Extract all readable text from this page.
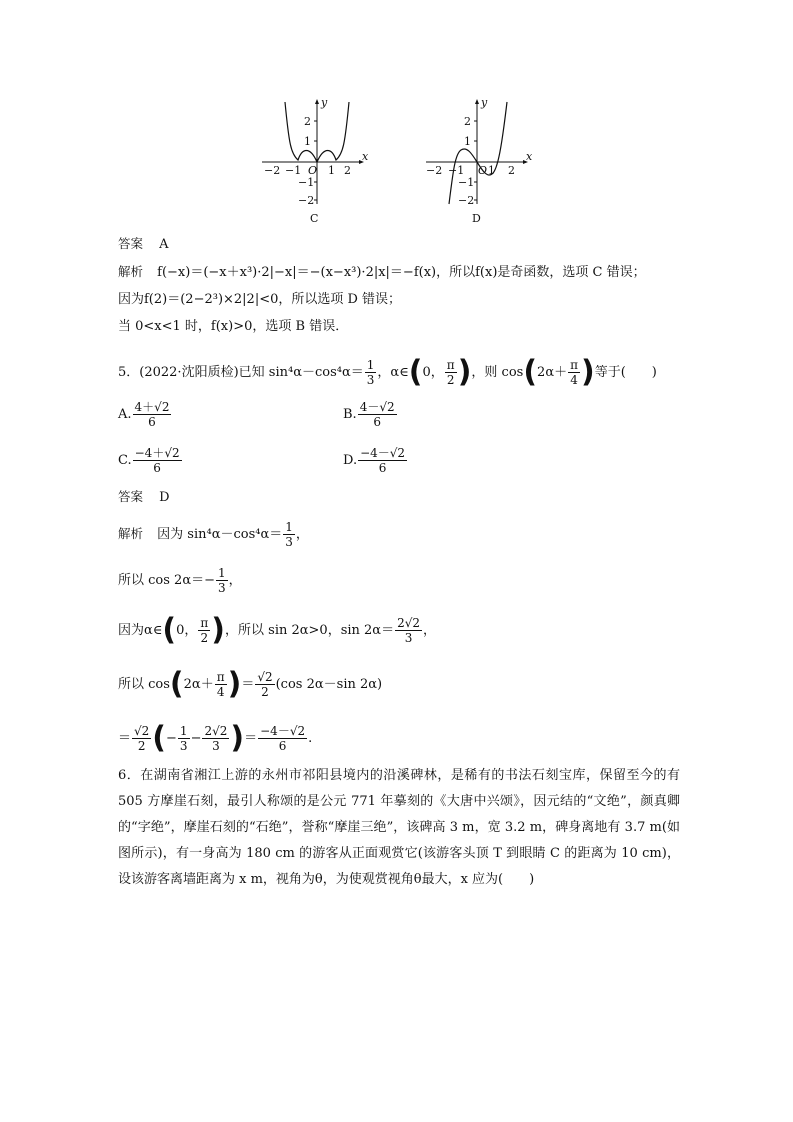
y
x
O
−2 −1 1 2
2
1
−1
−2
C
y
x
O
−2 −1 1 2
2
1
−1
−2
D
答案 A
解析 f(−x)＝(−x＋x³)·2|−x|＝−(x−x³)·2|x|＝−f(x)，所以f(x)是奇函数，选项 C 错误；
因为f(2)＝(2−2³)×2|2|<0，所以选项 D 错误；
当 0<x<1 时，f(x)>0，选项 B 错误．
5．(2022·沈阳质检)已知 $\sin^4\alpha-\cos^4\alpha= \frac{1}{3}$ ，α∈(0， $\frac{\pi}{2}$ )，则 $\cos(2\alpha+ \frac{\pi}{4}$ )等于(　　)
A. $\frac{4+√2}{6}$	B. $\frac{4-√2}{6}$
C. $\frac{-4+√2}{6}$	D. $\frac{-4-√2}{6}$
答案 D
解析 因为 $\sin^4\alpha-\cos^4\alpha= \frac{1}{3}$ ，
所以 $\cos 2\alpha=- \frac{1}{3}$ ，
因为α∈(0， $\frac{\pi}{2}$ )，所以 sin 2α>0，$\sin 2\alpha= \frac{2√2}{3}$ ，
所以 $\cos(2\alpha+ \frac{\pi}{4}$ )＝ $\frac{√2}{2} (\cos$ 2α－sin 2α)
＝ $\frac{√2}{2}$ (− $\frac{1}{3} - \frac{2√2}{3}$ )＝ $\frac{-4-√2}{6}$ .
6．在湖南省湘江上游的永州市祁阳县境内的沿溪碑林，是稀有的书法石刻宝库，保留至今的有 505 方摩崖石刻，最引人称颂的是公元 771 年摹刻的《大唐中兴颂》，因元结的“文绝”，颜真卿的“字绝”，摩崖石刻的“石绝”，誉称“摩崖三绝”，该碑高 3 m，宽 3.2 m，碑身离地有 3.7 m(如图所示)，有一身高为 180 cm 的游客从正面观赏它(该游客头顶 T 到眼睛 C 的距离为 10 cm)，设该游客离墙距离为 x m，视角为θ，为使观赏视角θ最大，x 应为(　　)
